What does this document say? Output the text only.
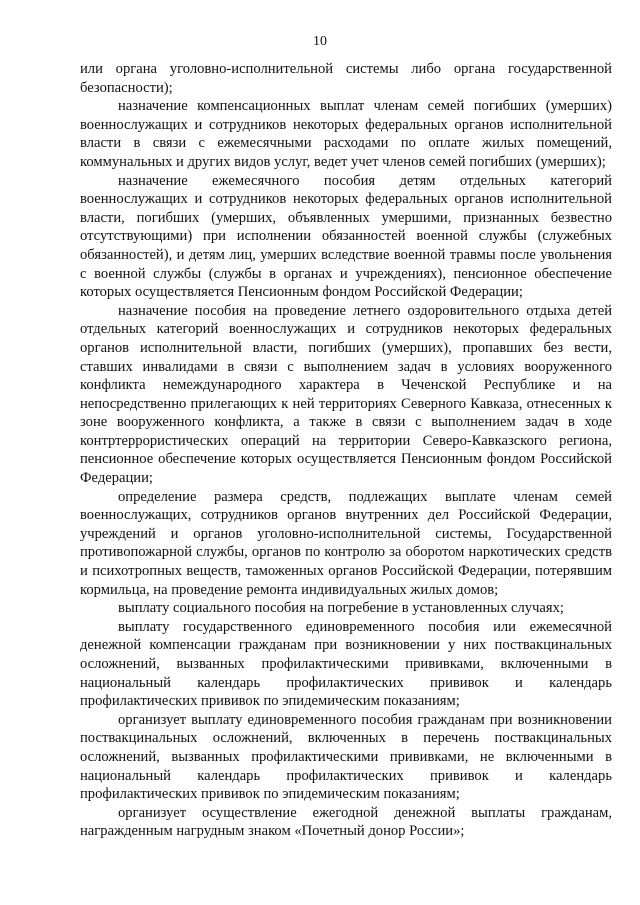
10

или органа уголовно-исполнительной системы либо органа государственной безопасности);

назначение компенсационных выплат членам семей погибших (умерших) военнослужащих и сотрудников некоторых федеральных органов исполнительной власти в связи с ежемесячными расходами по оплате жилых помещений, коммунальных и других видов услуг, ведет учет членов семей погибших (умерших);

назначение ежемесячного пособия детям отдельных категорий военнослужащих и сотрудников некоторых федеральных органов исполнительной власти, погибших (умерших, объявленных умершими, признанных безвестно отсутствующими) при исполнении обязанностей военной службы (служебных обязанностей), и детям лиц, умерших вследствие военной травмы после увольнения с военной службы (службы в органах и учреждениях), пенсионное обеспечение которых осуществляется Пенсионным фондом Российской Федерации;

назначение пособия на проведение летнего оздоровительного отдыха детей отдельных категорий военнослужащих и сотрудников некоторых федеральных органов исполнительной власти, погибших (умерших), пропавших без вести, ставших инвалидами в связи с выполнением задач в условиях вооруженного конфликта немеждународного характера в Чеченской Республике и на непосредственно прилегающих к ней территориях Северного Кавказа, отнесенных к зоне вооруженного конфликта, а также в связи с выполнением задач в ходе контртеррористических операций на территории Северо-Кавказского региона, пенсионное обеспечение которых осуществляется Пенсионным фондом Российской Федерации;

определение размера средств, подлежащих выплате членам семей военнослужащих, сотрудников органов внутренних дел Российской Федерации, учреждений и органов уголовно-исполнительной системы, Государственной противопожарной службы, органов по контролю за оборотом наркотических средств и психотропных веществ, таможенных органов Российской Федерации, потерявшим кормильца, на проведение ремонта индивидуальных жилых домов;

выплату социального пособия на погребение в установленных случаях;

выплату государственного единовременного пособия или ежемесячной денежной компенсации гражданам при возникновении у них поствакцинальных осложнений, вызванных профилактическими прививками, включенными в национальный календарь профилактических прививок и календарь профилактических прививок по эпидемическим показаниям;

организует выплату единовременного пособия гражданам при возникновении поствакцинальных осложнений, включенных в перечень поствакцинальных осложнений, вызванных профилактическими прививками, не включенными в национальный календарь профилактических прививок и календарь профилактических прививок по эпидемическим показаниям;

организует осуществление ежегодной денежной выплаты гражданам, награжденным нагрудным знаком «Почетный донор России»;
